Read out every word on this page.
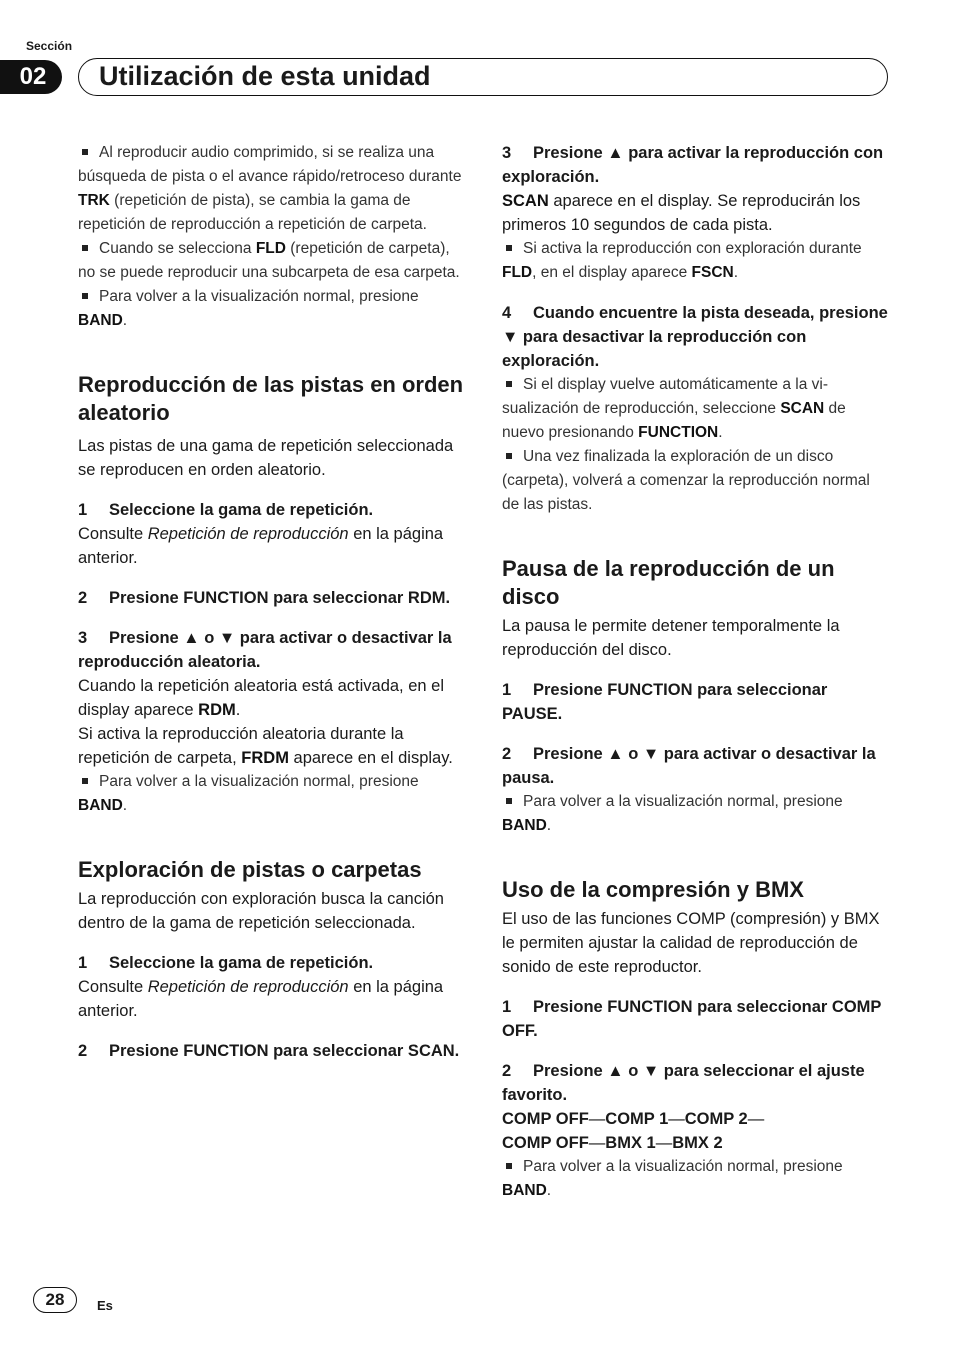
Sección
02	Utilización de esta unidad

Al reproducir audio comprimido, si se realiza una búsqueda de pista o el avance rápido/retroceso durante TRK (repetición de pista), se cambia la gama de repetición de reproducción a repetición de carpeta.

Cuando se selecciona FLD (repetición de carpeta), no se puede reproducir una subcarpeta de esa carpeta.

Para volver a la visualización normal, presione BAND.

Reproducción de las pistas en orden aleatorio

Las pistas de una gama de repetición seleccionada se reproducen en orden aleatorio.

1 Seleccione la gama de repetición.

Consulte Repetición de reproducción en la página anterior.

2 Presione FUNCTION para seleccionar RDM.

3 Presione ▲ o ▼ para activar o desactivar la reproducción aleatoria.

Cuando la repetición aleatoria está activada, en el display aparece RDM.

Si activa la reproducción aleatoria durante la repetición de carpeta, FRDM aparece en el display.

Para volver a la visualización normal, presione BAND.

Exploración de pistas o carpetas

La reproducción con exploración busca la canción dentro de la gama de repetición seleccionada.

1 Seleccione la gama de repetición.

Consulte Repetición de reproducción en la página anterior.

2 Presione FUNCTION para seleccionar SCAN.

3 Presione ▲ para activar la reproducción con exploración.

SCAN aparece en el display. Se reproducirán los primeros 10 segundos de cada pista.

Si activa la reproducción con exploración durante FLD, en el display aparece FSCN.

4 Cuando encuentre la pista deseada, presione ▼ para desactivar la reproducción con exploración.

Si el display vuelve automáticamente a la visualización de reproducción, seleccione SCAN de nuevo presionando FUNCTION.

Una vez finalizada la exploración de un disco (carpeta), volverá a comenzar la reproducción normal de las pistas.

Pausa de la reproducción de un disco

La pausa le permite detener temporalmente la reproducción del disco.

1 Presione FUNCTION para seleccionar PAUSE.

2 Presione ▲ o ▼ para activar o desactivar la pausa.

Para volver a la visualización normal, presione BAND.

Uso de la compresión y BMX

El uso de las funciones COMP (compresión) y BMX le permiten ajustar la calidad de reproducción de sonido de este reproductor.

1 Presione FUNCTION para seleccionar COMP OFF.

2 Presione ▲ o ▼ para seleccionar el ajuste favorito.

COMP OFF—COMP 1—COMP 2—

COMP OFF—BMX 1—BMX 2

Para volver a la visualización normal, presione BAND.

28	Es
